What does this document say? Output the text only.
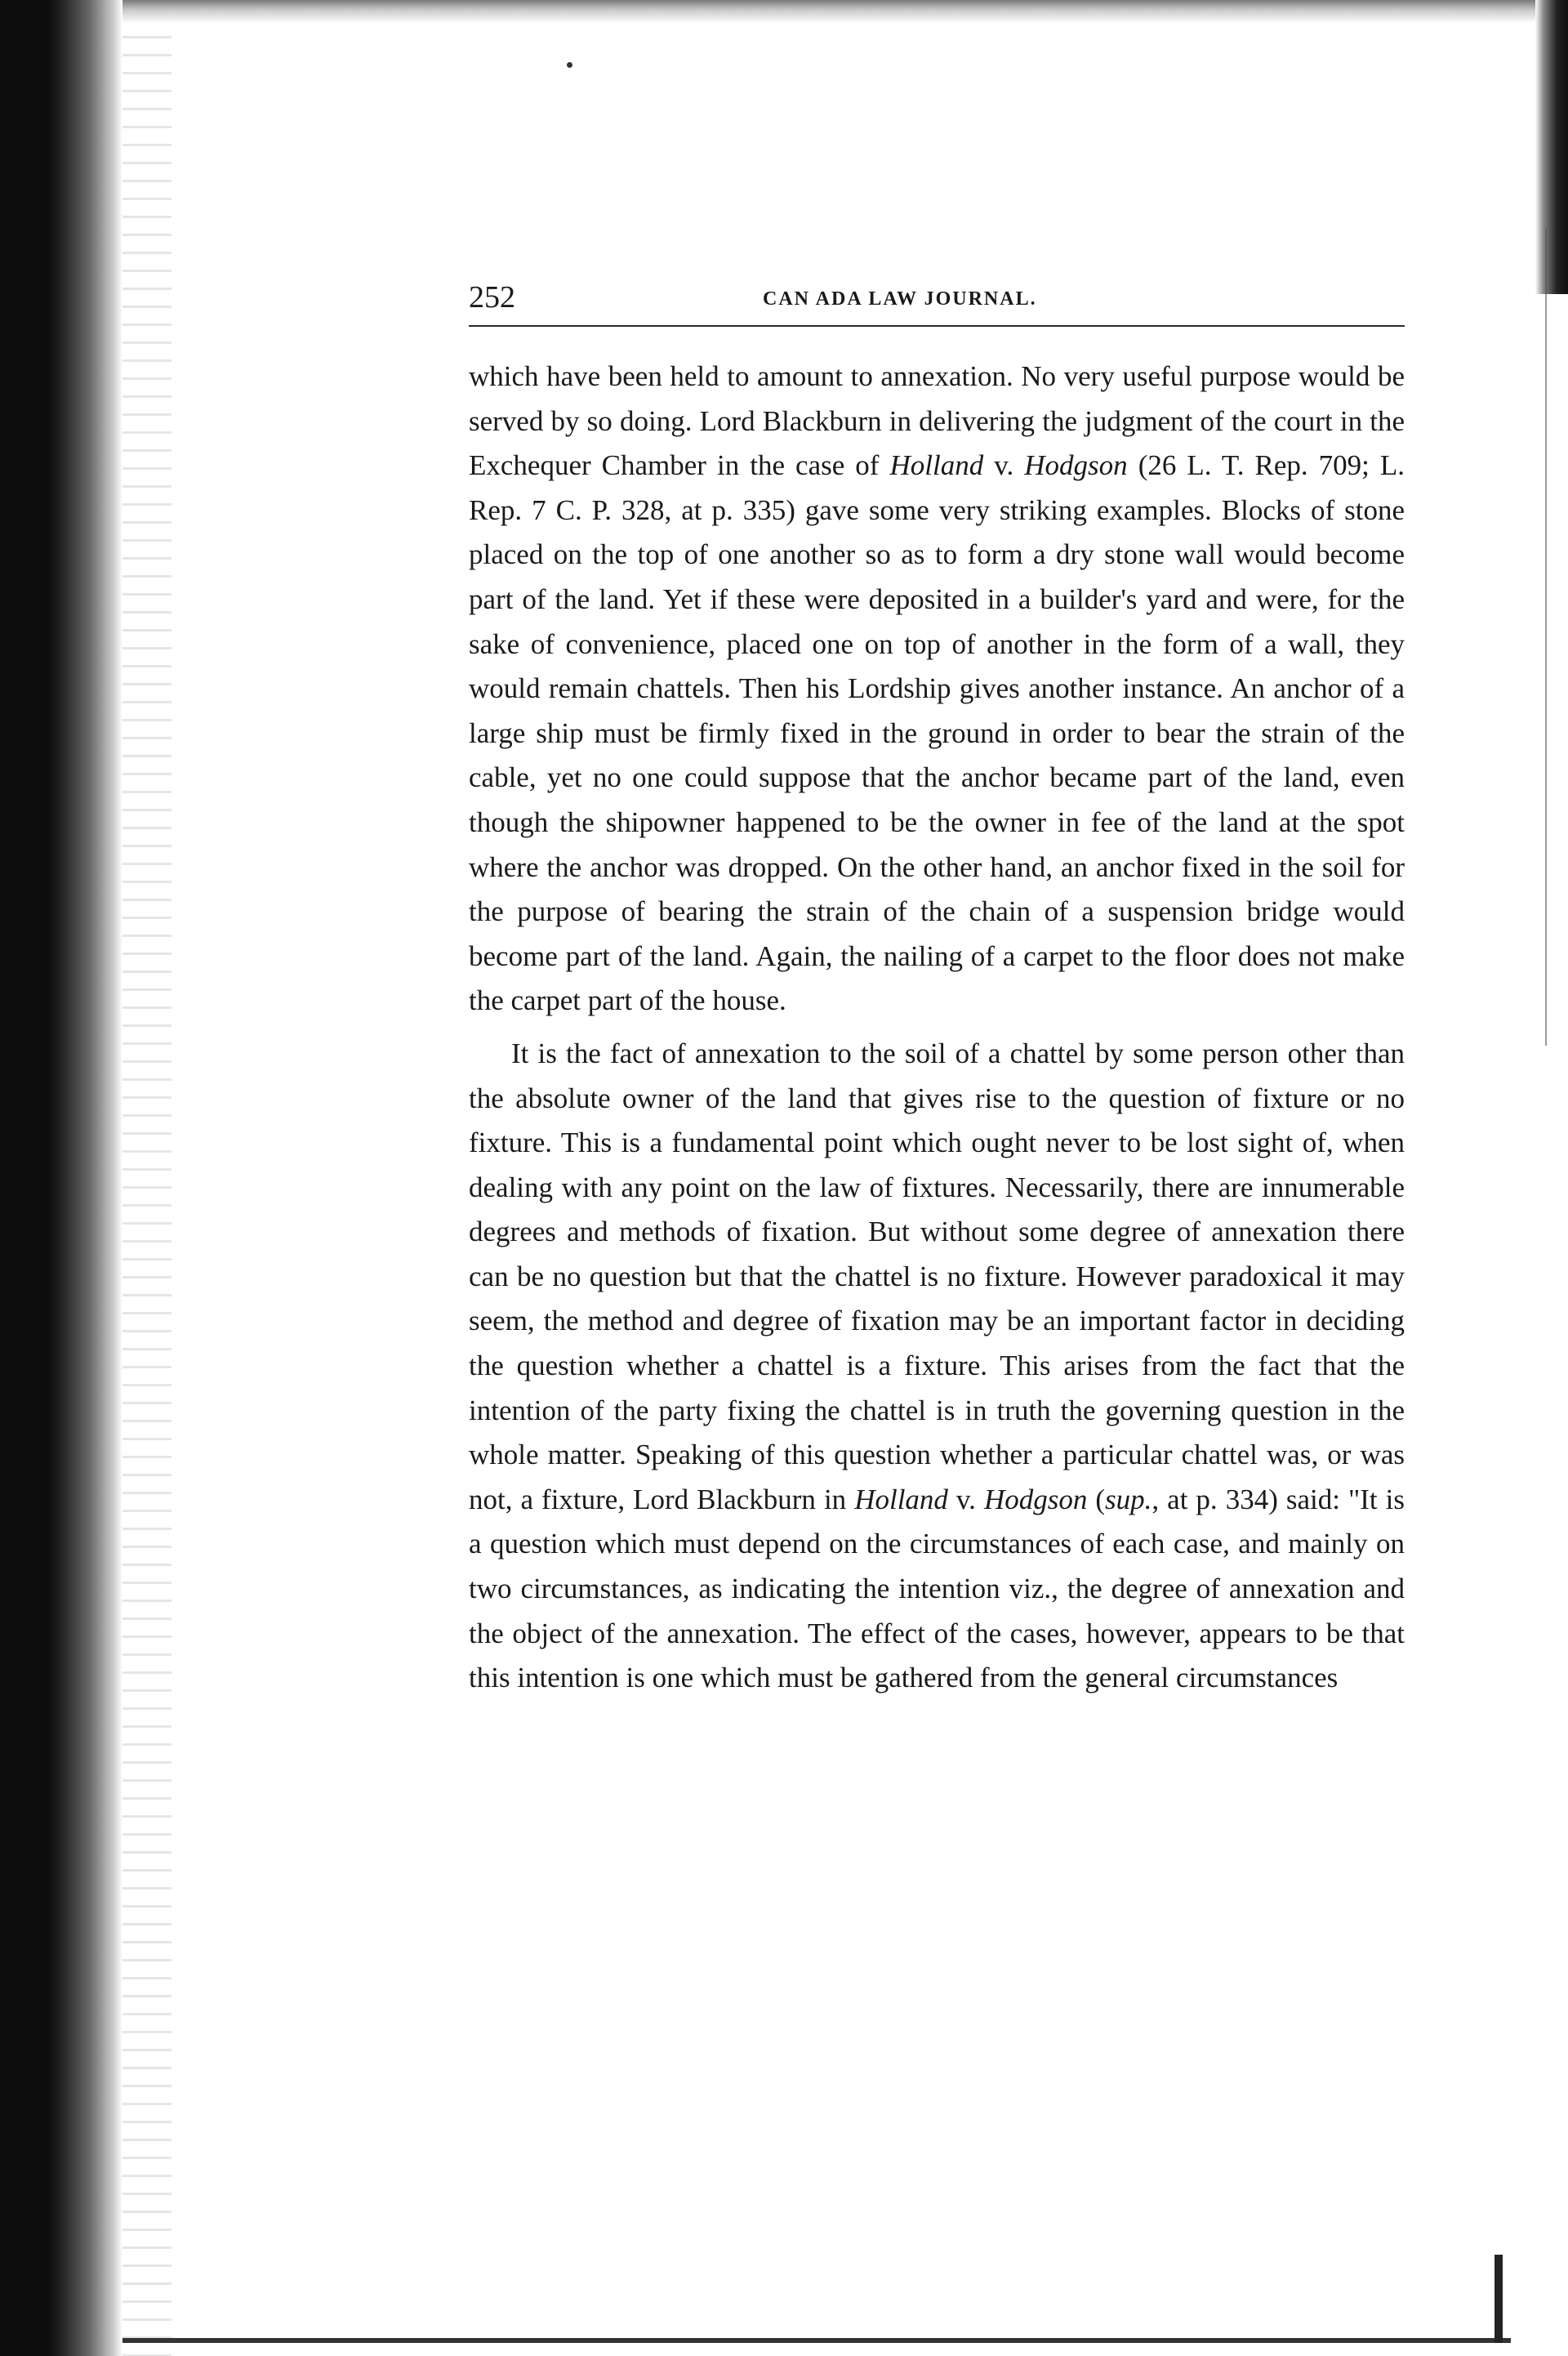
252	CAN ADA LAW JOURNAL.

which have been held to amount to annexation. No very useful purpose would be served by so doing. Lord Blackburn in delivering the judgment of the court in the Exchequer Chamber in the case of Holland v. Hodgson (26 L. T. Rep. 709; L. Rep. 7 C. P. 328, at p. 335) gave some very striking examples. Blocks of stone placed on the top of one another so as to form a dry stone wall would become part of the land. Yet if these were deposited in a builder's yard and were, for the sake of convenience, placed one on top of another in the form of a wall, they would remain chattels. Then his Lordship gives another instance. An anchor of a large ship must be firmly fixed in the ground in order to bear the strain of the cable, yet no one could suppose that the anchor became part of the land, even though the shipowner happened to be the owner in fee of the land at the spot where the anchor was dropped. On the other hand, an anchor fixed in the soil for the purpose of bearing the strain of the chain of a suspension bridge would become part of the land. Again, the nailing of a carpet to the floor does not make the carpet part of the house.

It is the fact of annexation to the soil of a chattel by some person other than the absolute owner of the land that gives rise to the question of fixture or no fixture. This is a fundamental point which ought never to be lost sight of, when dealing with any point on the law of fixtures. Necessarily, there are innumerable degrees and methods of fixation. But without some degree of annexation there can be no question but that the chattel is no fixture. However paradoxical it may seem, the method and degree of fixation may be an important factor in deciding the question whether a chattel is a fixture. This arises from the fact that the intention of the party fixing the chattel is in truth the governing question in the whole matter. Speaking of this question whether a particular chattel was, or was not, a fixture, Lord Blackburn in Holland v. Hodgson (sup., at p. 334) said: "It is a question which must depend on the circumstances of each case, and mainly on two circumstances, as indicating the intention viz., the degree of annexation and the object of the annexation. The effect of the cases, however, appears to be that this intention is one which must be gathered from the general circumstances
